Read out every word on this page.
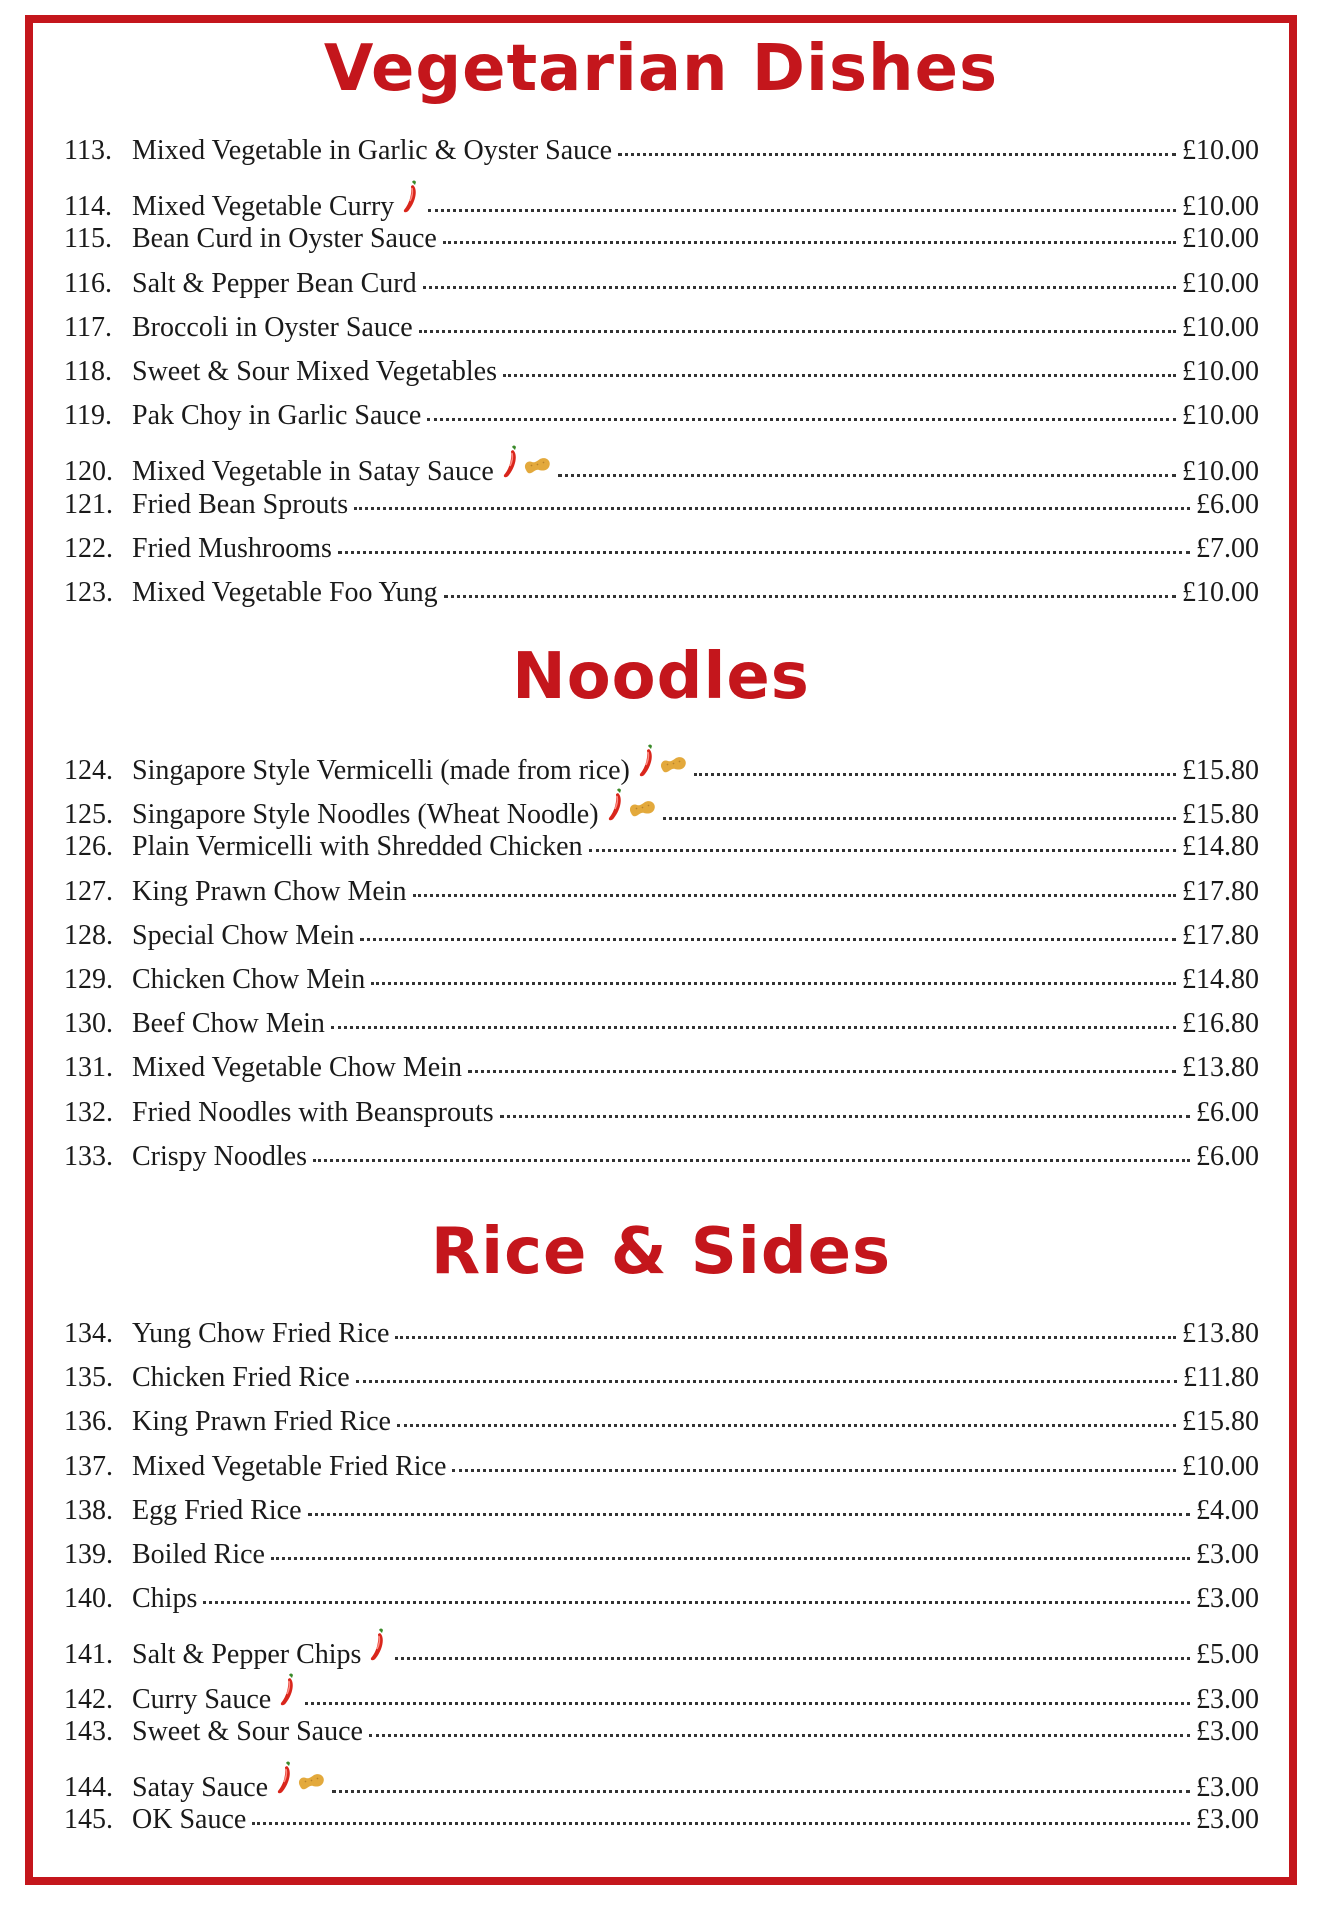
Vegetarian Dishes
113. Mixed Vegetable in Garlic & Oyster Sauce	£10.00
114. Mixed Vegetable Curry	£10.00
115. Bean Curd in Oyster Sauce	£10.00
116. Salt & Pepper Bean Curd	£10.00
117. Broccoli in Oyster Sauce	£10.00
118. Sweet & Sour Mixed Vegetables	£10.00
119. Pak Choy in Garlic Sauce	£10.00
120. Mixed Vegetable in Satay Sauce	£10.00
121. Fried Bean Sprouts	£6.00
122. Fried Mushrooms	£7.00
123. Mixed Vegetable Foo Yung	£10.00
Noodles
124. Singapore Style Vermicelli (made from rice)	£15.80
125. Singapore Style Noodles (Wheat Noodle)	£15.80
126. Plain Vermicelli with Shredded Chicken	£14.80
127. King Prawn Chow Mein	£17.80
128. Special Chow Mein	£17.80
129. Chicken Chow Mein	£14.80
130. Beef Chow Mein	£16.80
131. Mixed Vegetable Chow Mein	£13.80
132. Fried Noodles with Beansprouts	£6.00
133. Crispy Noodles	£6.00
Rice & Sides
134. Yung Chow Fried Rice	£13.80
135. Chicken Fried Rice	£11.80
136. King Prawn Fried Rice	£15.80
137. Mixed Vegetable Fried Rice	£10.00
138. Egg Fried Rice	£4.00
139. Boiled Rice	£3.00
140. Chips	£3.00
141. Salt & Pepper Chips	£5.00
142. Curry Sauce	£3.00
143. Sweet & Sour Sauce	£3.00
144. Satay Sauce	£3.00
145. OK Sauce	£3.00
